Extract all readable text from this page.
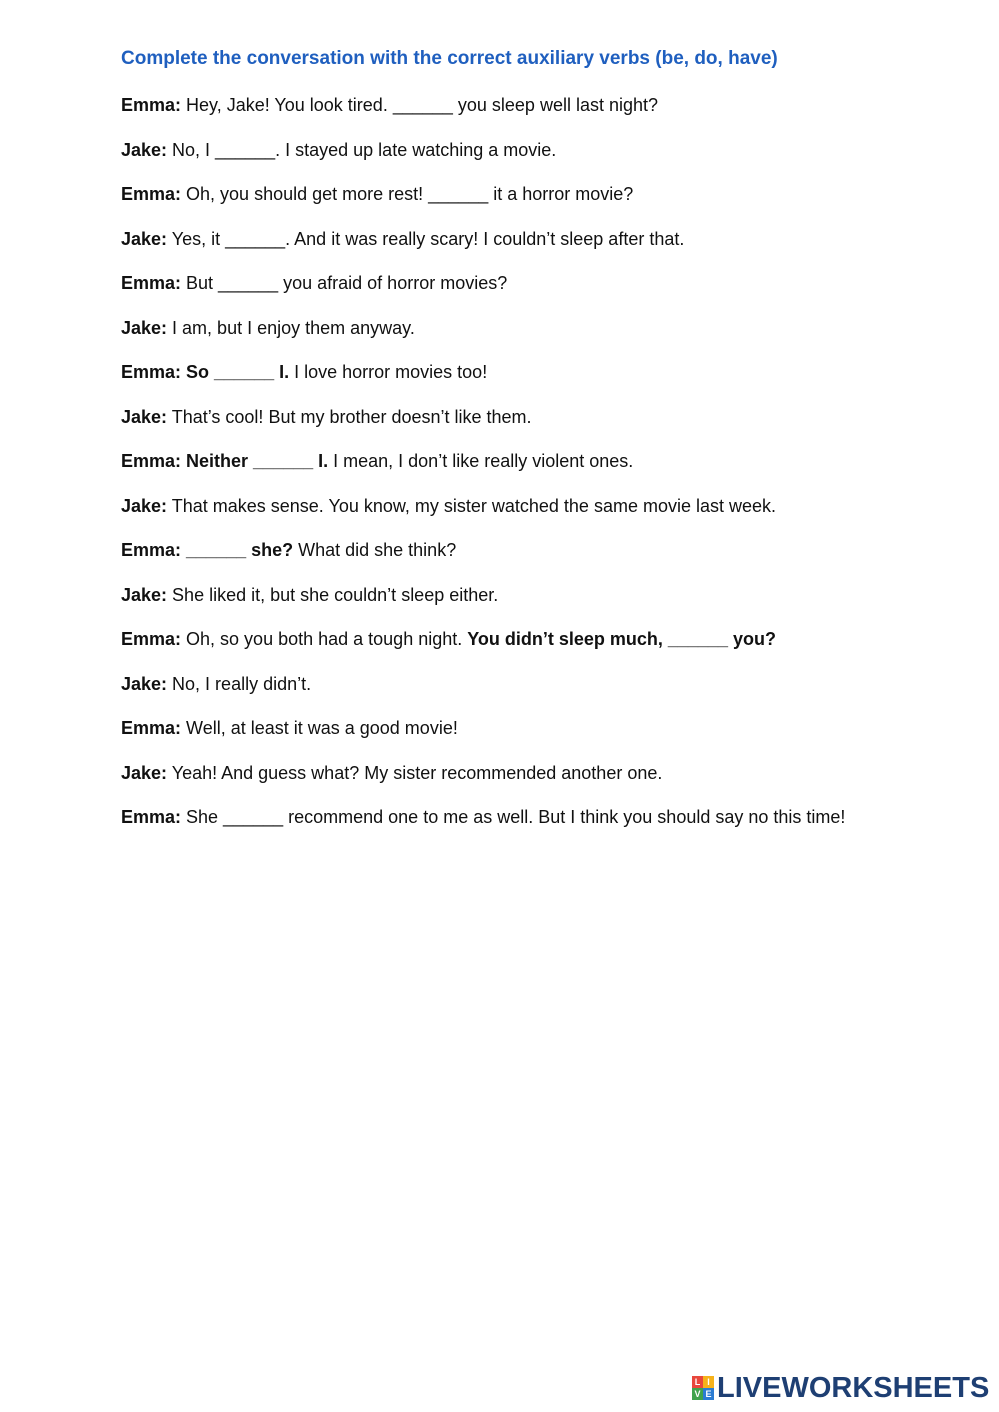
Complete the conversation with the correct auxiliary verbs (be, do, have)
Emma: Hey, Jake! You look tired. ______ you sleep well last night?
Jake: No, I ______. I stayed up late watching a movie.
Emma: Oh, you should get more rest! ______ it a horror movie?
Jake: Yes, it ______. And it was really scary! I couldn’t sleep after that.
Emma: But ______ you afraid of horror movies?
Jake: I am, but I enjoy them anyway.
Emma: So ______ I. I love horror movies too!
Jake: That’s cool! But my brother doesn’t like them.
Emma: Neither ______ I. I mean, I don’t like really violent ones.
Jake: That makes sense. You know, my sister watched the same movie last week.
Emma: ______ she? What did she think?
Jake: She liked it, but she couldn’t sleep either.
Emma: Oh, so you both had a tough night. You didn’t sleep much, ______ you?
Jake: No, I really didn’t.
Emma: Well, at least it was a good movie!
Jake: Yeah! And guess what? My sister recommended another one.
Emma: She ______ recommend one to me as well. But I think you should say no this time!
L I
V E LIVEWORKSHEETS
